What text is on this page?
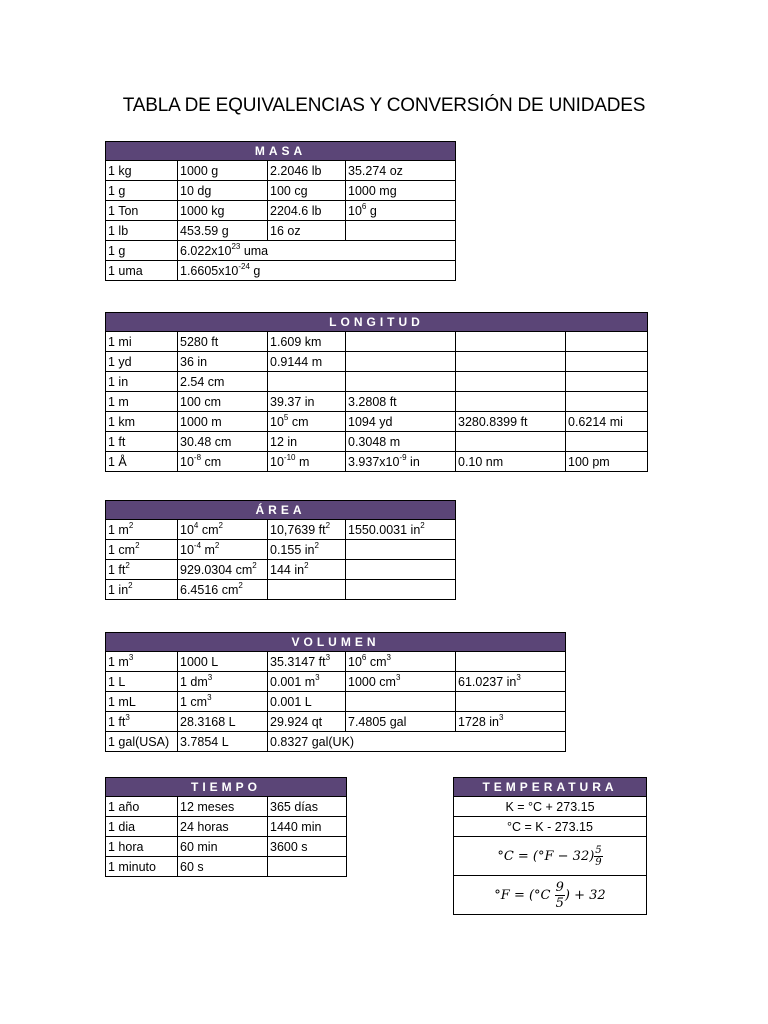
TABLA DE EQUIVALENCIAS Y CONVERSIÓN DE UNIDADES
MASA			
1 kg	1000 g	2.2046 lb	35.274 oz
1 g	10 dg	100 cg	1000 mg
1 Ton	1000 kg	2204.6 lb	$10^6$ g
1 lb	453.59 g	16 oz	
1 g	$6.022x10^{23}$ uma		
1 uma	$1.6605x10^{-24}$ g		
LONGITUD					
1 mi	5280 ft	1.609 km			
1 yd	36 in	0.9144 m			
1 in	2.54 cm				
1 m	100 cm	39.37 in	3.2808 ft		
1 km	1000 m	$10^5$ cm	1094 yd	3280.8399 ft	0.6214 mi
1 ft	30.48 cm	12 in	0.3048 m		
1 Å	$10^{-8}$ cm	$10^{-10}$ m	$3.937x10^{-9}$ in	0.10 nm	100 pm
ÁREA			
1 $m^2$	$10^4$ $cm^2$	10,7639 $ft^2$	1550.0031 $in^2$
1 $cm^2$	$10^{-4}$ $m^2$	0.155 $in^2$	
1 $ft^2$	929.0304 $cm^2$	144 $in^2$	
1 $in^2$	6.4516 $cm^2$		
VOLUMEN				
1 $m^3$	1000 L	35.3147 $ft^3$	$10^6$ $cm^3$	
1 L	1 $dm^3$	0.001 $m^3$	1000 $cm^3$	61.0237 $in^3$
1 mL	1 $cm^3$	0.001 L		
1 $ft^3$	28.3168 L	29.924 qt	7.4805 gal	1728 $in^3$
1 gal(USA)	3.7854 L	0.8327 gal(UK)		
TIEMPO		
1 año	12 meses	365 días
1 dia	24 horas	1440 min
1 hora	60 min	3600 s
1 minuto	60 s	
TEMPERATURA
K = °C + 273.15
°C = K - 273.15
$^\circ C = (^\circ F - 32) \frac{5}{9}$

$^\circ F = (^\circ C \frac{9}{5}$ ) + 32
